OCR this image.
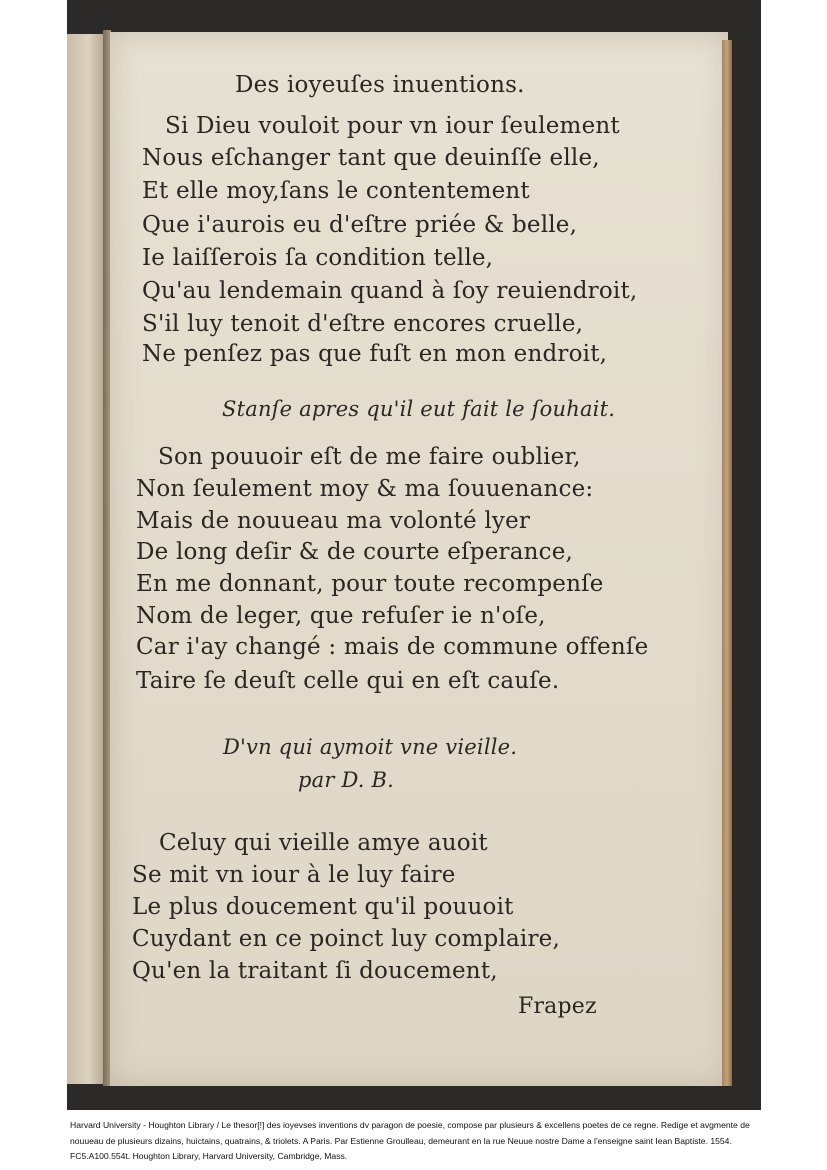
Des ioyeuſes inuentions.
Si Dieu vouloit pour vn iour ſeulement
Nous eſchanger tant que deuinſſe elle,
Et elle moy,ſans le contentement
Que i'aurois eu d'eſtre priée & belle,
Ie laiſſerois ſa condition telle,
Qu'au lendemain quand à ſoy reuiendroit,
S'il luy tenoit d'eſtre encores cruelle,
Ne penſez pas que fuſt en mon endroit,
Stanſe apres qu'il eut fait le ſouhait.
Son pouuoir eſt de me faire oublier,
Non ſeulement moy & ma ſouuenance:
Mais de nouueau ma volonté lyer
De long deſir & de courte eſperance,
En me donnant, pour toute recompenſe
Nom de leger, que refuſer ie n'oſe,
Car i'ay changé : mais de commune offenſe
Taire ſe deuſt celle qui en eſt cauſe.
D'vn qui aymoit vne vieille.
par D. B.
Celuy qui vieille amye auoit
Se mit vn iour à le luy faire
Le plus doucement qu'il pouuoit
Cuydant en ce poinct luy complaire,
Qu'en la traitant ſi doucement,
Frapez
Harvard University - Houghton Library / Le thesor[!] des ioyevses inventions dv paragon de poesie, compose par plusieurs & excellens poetes de ce regne. Redige et avgmente de nouueau de plusieurs dizains, huictains, quatrains, & triolets. A Paris. Par Estienne Groulleau, demeurant en la rue Neuue nostre Dame a l'enseigne saint Iean Baptiste. 1554. FC5.A100.554t. Houghton Library, Harvard University, Cambridge, Mass.
